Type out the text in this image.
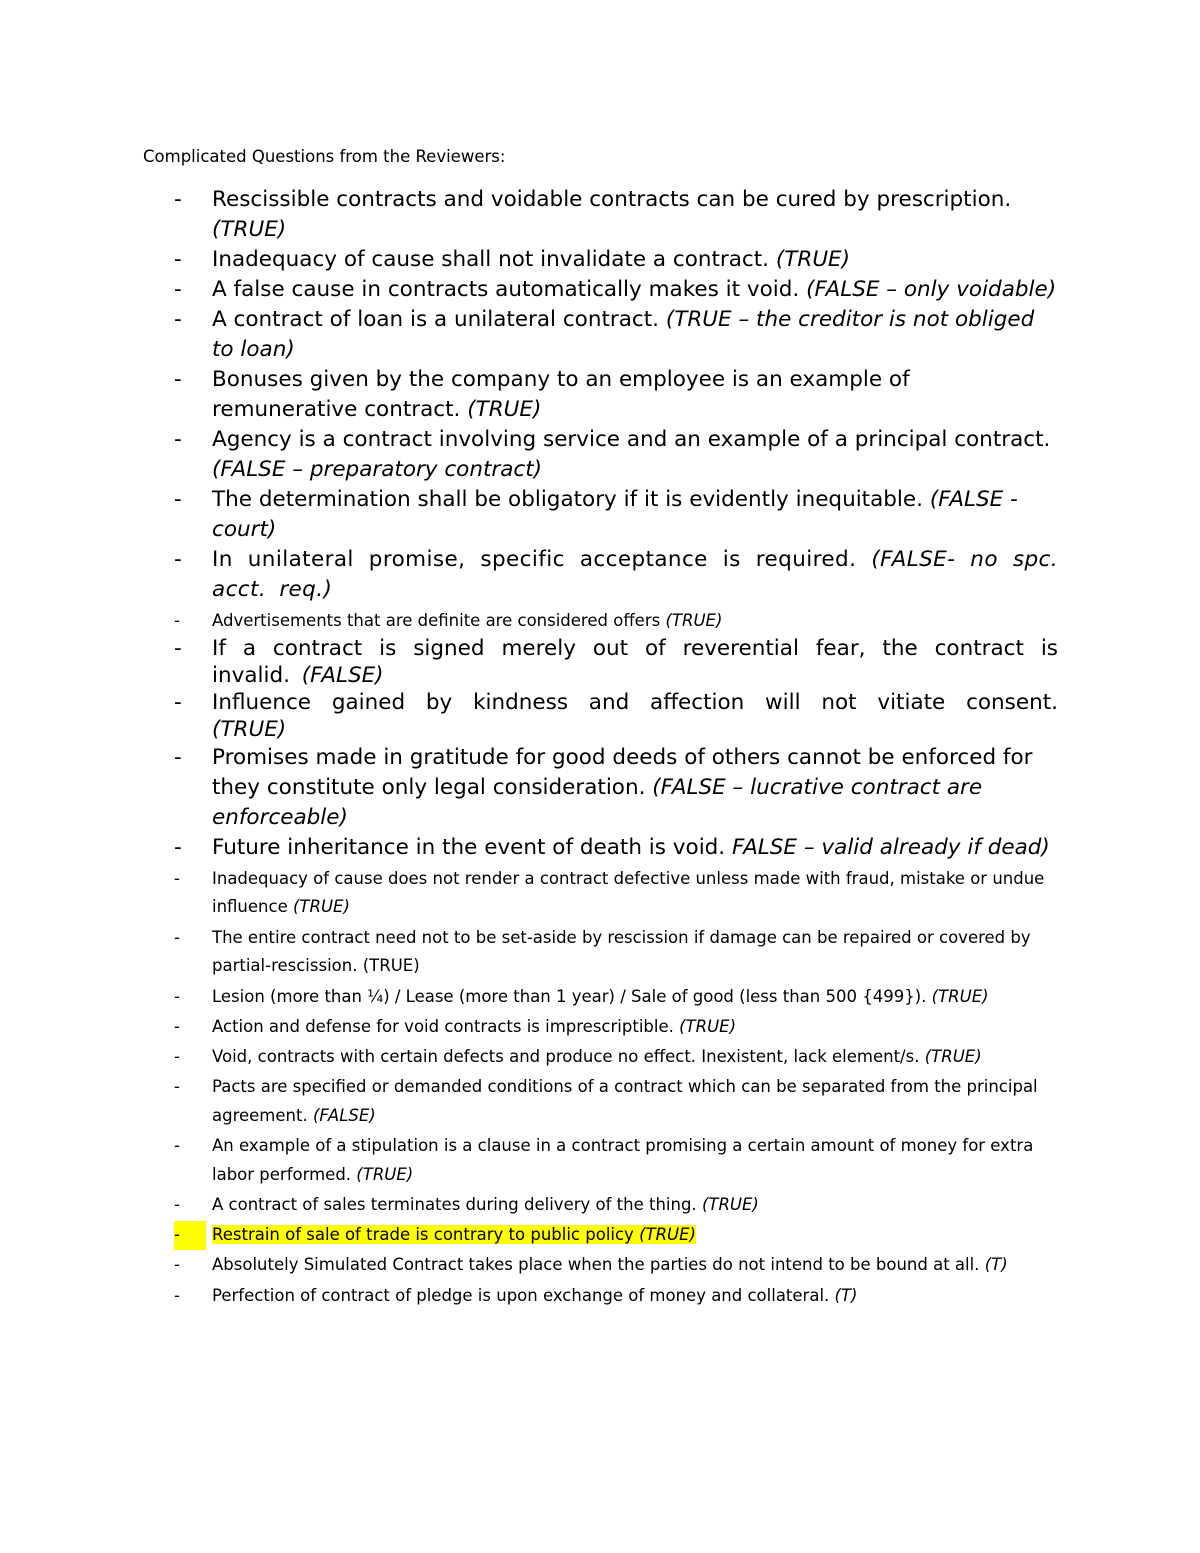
Complicated Questions from the Reviewers:
- Rescissible contracts and voidable contracts can be cured by prescription. (TRUE)
- Inadequacy of cause shall not invalidate a contract. (TRUE)
- A false cause in contracts automatically makes it void. (FALSE – only voidable)
- A contract of loan is a unilateral contract. (TRUE – the creditor is not obliged to loan)
- Bonuses given by the company to an employee is an example of remunerative contract. (TRUE)
- Agency is a contract involving service and an example of a principal contract. (FALSE – preparatory contract)
- The determination shall be obligatory if it is evidently inequitable. (FALSE -court)
- In unilateral promise, specific acceptance is required. (FALSE- no spc. acct. req.)
- Advertisements that are definite are considered offers (TRUE)
- If a contract is signed merely out of reverential fear, the contract is invalid. (FALSE)
- Influence gained by kindness and affection will not vitiate consent. (TRUE)
- Promises made in gratitude for good deeds of others cannot be enforced for they constitute only legal consideration. (FALSE – lucrative contract are enforceable)
- Future inheritance in the event of death is void. FALSE – valid already if dead)
- Inadequacy of cause does not render a contract defective unless made with fraud, mistake or undue influence (TRUE)
- The entire contract need not to be set-aside by rescission if damage can be repaired or covered by partial-rescission. (TRUE)
- Lesion (more than ¼) / Lease (more than 1 year) / Sale of good (less than 500 {499}). (TRUE)
- Action and defense for void contracts is imprescriptible. (TRUE)
- Void, contracts with certain defects and produce no effect. Inexistent, lack element/s. (TRUE)
- Pacts are specified or demanded conditions of a contract which can be separated from the principal agreement. (FALSE)
- An example of a stipulation is a clause in a contract promising a certain amount of money for extra labor performed. (TRUE)
- A contract of sales terminates during delivery of the thing. (TRUE)
-	Restrain of sale of trade is contrary to public policy (TRUE)
- Absolutely Simulated Contract takes place when the parties do not intend to be bound at all. (T)
- Perfection of contract of pledge is upon exchange of money and collateral. (T)
